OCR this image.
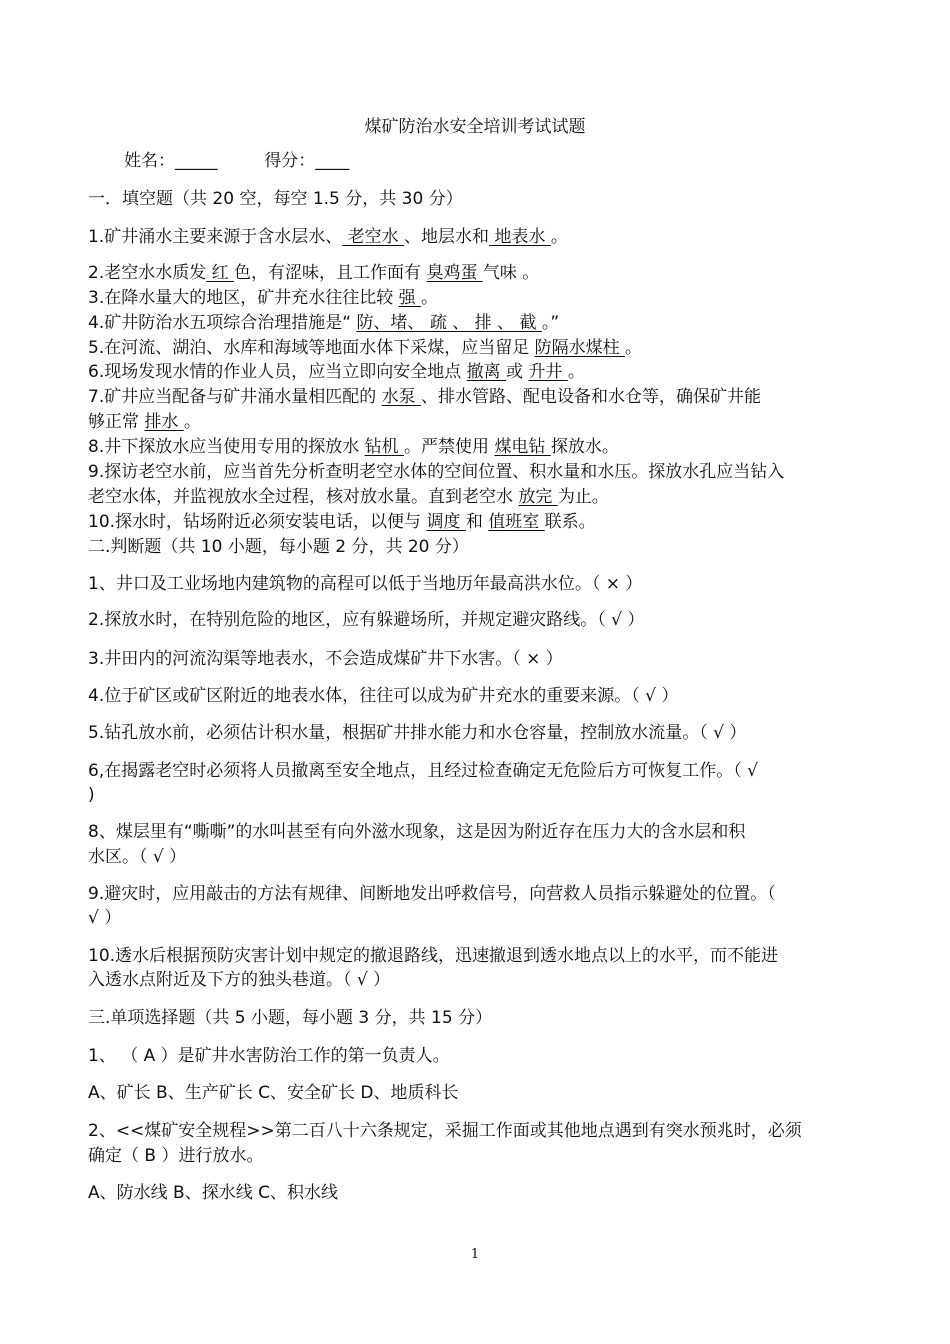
煤矿防治水安全培训考试试题
姓名：_____	得分：____
一．填空题（共 20 空，每空 1.5 分，共 30 分）
1.矿井涌水主要来源于含水层水、 老空水 、地层水和 地表水 。
2.老空水水质发 红 色，有涩味，且工作面有 臭鸡蛋 气味 。
3.在降水量大的地区，矿井充水往往比较 强 。
4.矿井防治水五项综合治理措施是“ 防、堵、 疏 、 排 、 截 。”
5.在河流、湖泊、水库和海域等地面水体下采煤，应当留足 防隔水煤柱 。
6.现场发现水情的作业人员，应当立即向安全地点 撤离 或 升井 。
7.矿井应当配备与矿井涌水量相匹配的 水泵 、排水管路、配电设备和水仓等，确保矿井能
够正常 排水 。
8.井下探放水应当使用专用的探放水 钻机 。严禁使用 煤电钻 探放水。
9.探访老空水前，应当首先分析查明老空水体的空间位置、积水量和水压。探放水孔应当钻入
老空水体，并监视放水全过程，核对放水量。直到老空水 放完 为止。
10.探水时，钻场附近必须安装电话，以便与 调度 和 值班室 联系。
二.判断题（共 10 小题，每小题 2 分，共 20 分）
1、井口及工业场地内建筑物的高程可以低于当地历年最高洪水位。（ × ）
2.探放水时，在特别危险的地区，应有躲避场所，并规定避灾路线。（ √ ）
3.井田内的河流沟渠等地表水，不会造成煤矿井下水害。（ × ）
4.位于矿区或矿区附近的地表水体，往往可以成为矿井充水的重要来源。（ √ ）
5.钻孔放水前，必须估计积水量，根据矿井排水能力和水仓容量，控制放水流量。（ √ ）
6,在揭露老空时必须将人员撤离至安全地点，且经过检查确定无危险后方可恢复工作。（ √
)
8、煤层里有“嘶嘶”的水叫甚至有向外滋水现象，这是因为附近存在压力大的含水层和积
水区。（ √ ）
9.避灾时，应用敲击的方法有规律、间断地发出呼救信号，向营救人员指示躲避处的位置。（
√ ）
10.透水后根据预防灾害计划中规定的撤退路线，迅速撤退到透水地点以上的水平，而不能进
入透水点附近及下方的独头巷道。（ √ ）
三.单项选择题（共 5 小题，每小题 3 分，共 15 分）
1、 （ A ）是矿井水害防治工作的第一负责人。
A、矿长 B、生产矿长 C、安全矿长 D、地质科长
2、<<煤矿安全规程>>第二百八十六条规定，采掘工作面或其他地点遇到有突水预兆时，必须
确定（ B ）进行放水。
A、防水线 B、探水线 C、积水线
1
